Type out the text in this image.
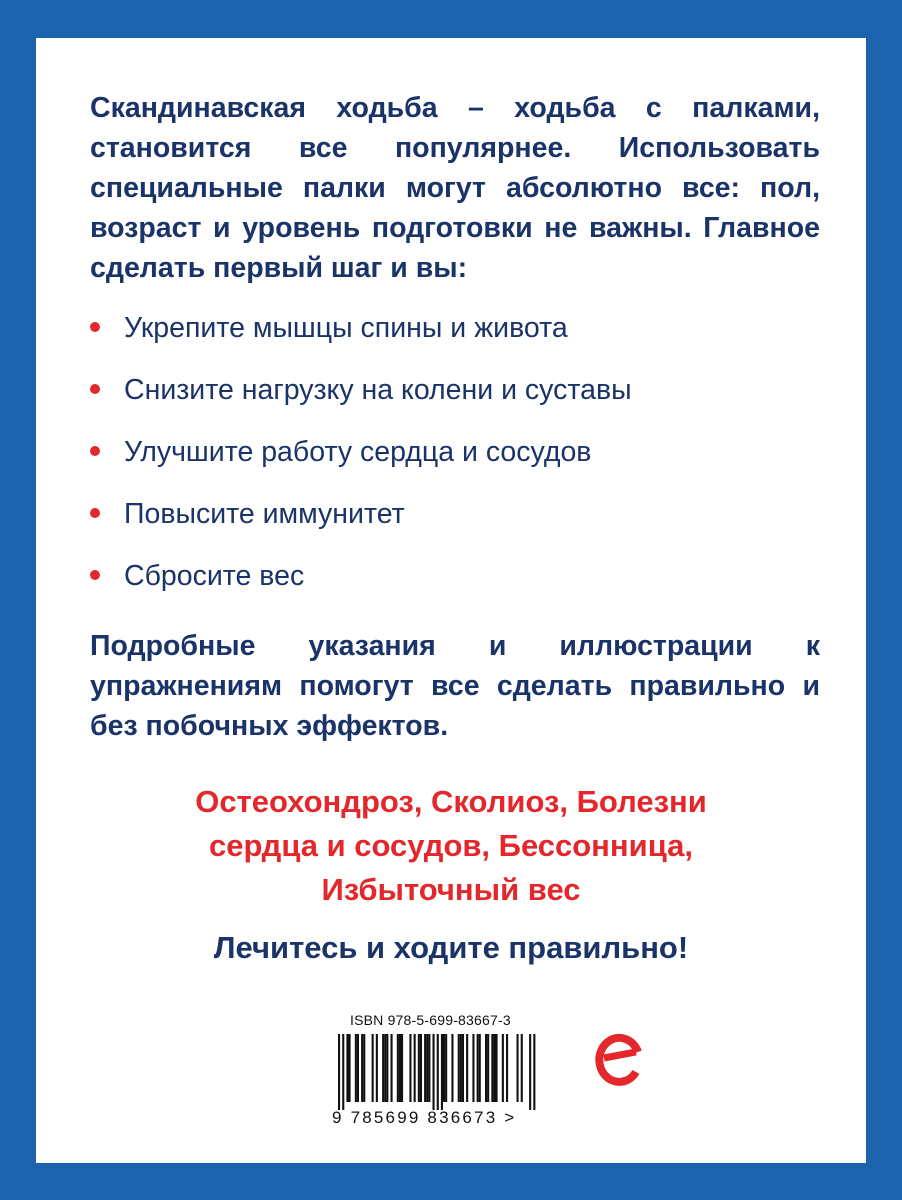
Скандинавская ходьба – ходьба с палками, становится все популярнее. Использовать специальные палки могут абсолютно все: пол, возраст и уровень подготовки не важны. Главное сделать первый шаг и вы:

Укрепите мышцы спины и живота
Снизите нагрузку на колени и суставы
Улучшите работу сердца и сосудов
Повысите иммунитет
Сбросите вес

Подробные указания и иллюстрации к упражнениям помогут все сделать правильно и без побочных эффектов.

Остеохондроз, Сколиоз, Болезни
сердца и сосудов, Бессонница,
Избыточный вес

Лечитесь и ходите правильно!

ISBN 978-5-699-83667-3
9 785699 836673 >
